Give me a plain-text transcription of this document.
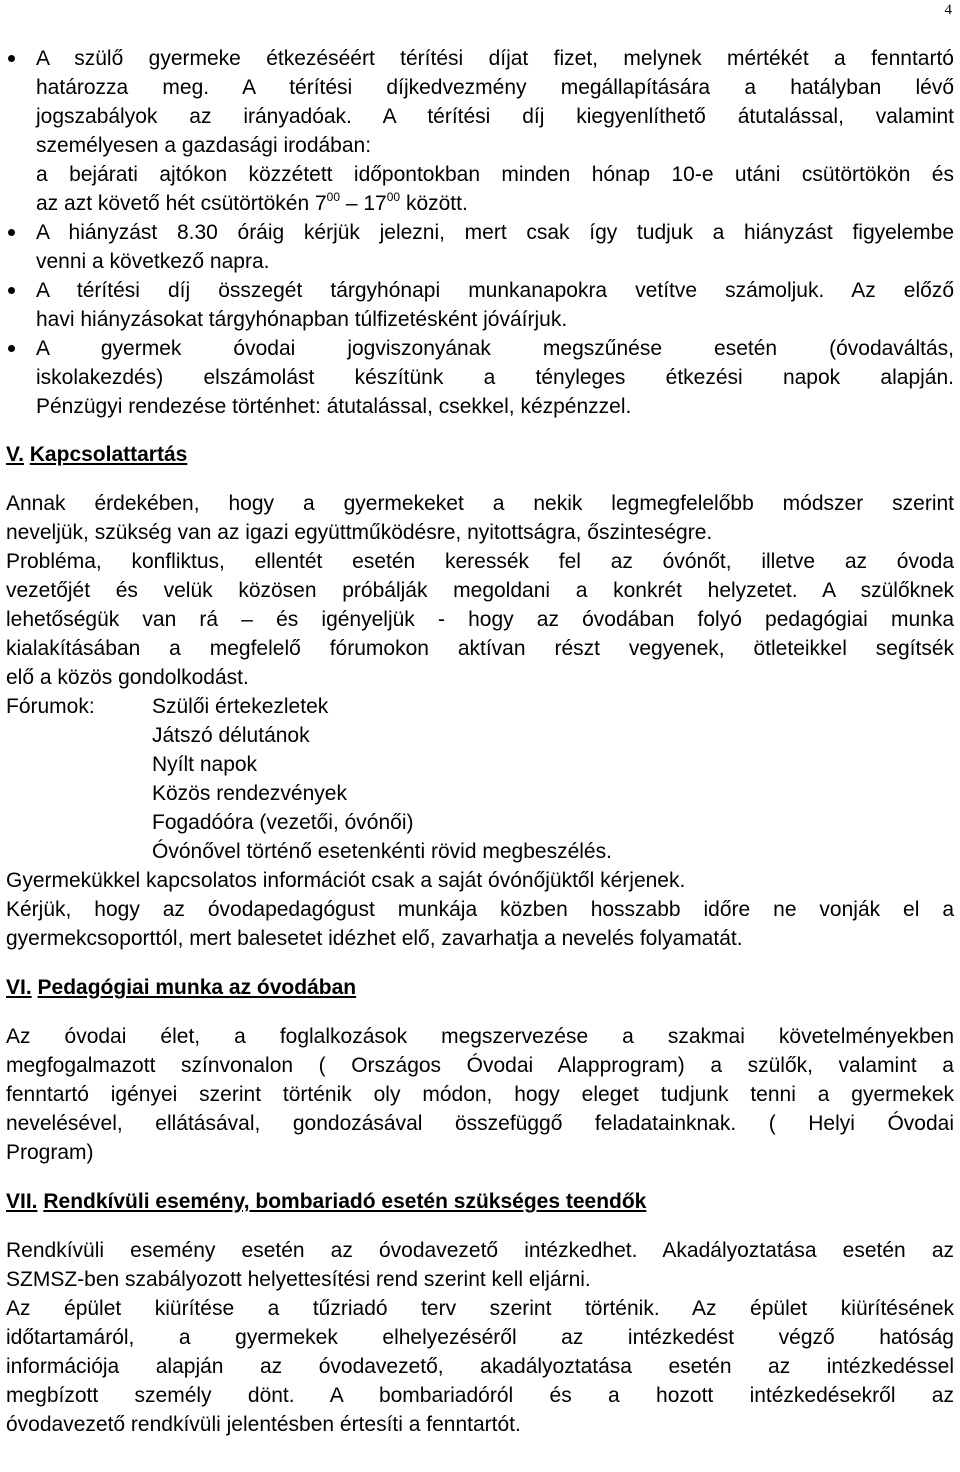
4
A szülő gyermeke étkezéséért térítési díjat fizet, melynek mértékét a fenntartó
határozza meg. A térítési díjkedvezmény megállapítására a hatályban lévő
jogszabályok az irányadóak. A térítési díj kiegyenlíthető átutalással, valamint
személyesen a gazdasági irodában:
a bejárati ajtókon közzétett időpontokban minden hónap 10-e utáni csütörtökön és
az azt követő hét csütörtökén $7^{00} - 17^{00}$ között.
A hiányzást 8.30 óráig kérjük jelezni, mert csak így tudjuk a hiányzást figyelembe
venni a következő napra.
A térítési díj összegét tárgyhónapi munkanapokra vetítve számoljuk. Az előző
havi hiányzásokat tárgyhónapban túlfizetésként jóváírjuk.
A gyermek óvodai jogviszonyának megszűnése esetén (óvodaváltás,
iskolakezdés) elszámolást készítünk a tényleges étkezési napok alapján.
Pénzügyi rendezése történhet: átutalással, csekkel, kézpénzzel.
V. Kapcsolattartás
Annak érdekében, hogy a gyermekeket a nekik legmegfelelőbb módszer szerint
neveljük, szükség van az igazi együttműködésre, nyitottságra, őszinteségre.
Probléma, konfliktus, ellentét esetén keressék fel az óvónőt, illetve az óvoda
vezetőjét és velük közösen próbálják megoldani a konkrét helyzetet. A szülőknek
lehetőségük van rá – és igényeljük - hogy az óvodában folyó pedagógiai munka
kialakításában a megfelelő fórumokon aktívan részt vegyenek, ötleteikkel segítsék
elő a közös gondolkodást.
Fórumok:	Szülői értekezletek
Játszó délutánok
Nyílt napok
Közös rendezvények
Fogadóóra (vezetői, óvónői)
Óvónővel történő esetenkénti rövid megbeszélés.
Gyermekükkel kapcsolatos információt csak a saját óvónőjüktől kérjenek.
Kérjük, hogy az óvodapedagógust munkája közben hosszabb időre ne vonják el a
gyermekcsoporttól, mert balesetet idézhet elő, zavarhatja a nevelés folyamatát.
VI. Pedagógiai munka az óvodában
Az óvodai élet, a foglalkozások megszervezése a szakmai követelményekben
megfogalmazott színvonalon ( Országos Óvodai Alapprogram) a szülők, valamint a
fenntartó igényei szerint történik oly módon, hogy eleget tudjunk tenni a gyermekek
nevelésével, ellátásával, gondozásával összefüggő feladatainknak. ( Helyi Óvodai
Program)
VII. Rendkívüli esemény, bombariadó esetén szükséges teendők
Rendkívüli esemény esetén az óvodavezető intézkedhet. Akadályoztatása esetén az
SZMSZ-ben szabályozott helyettesítési rend szerint kell eljárni.
Az épület kiürítése a tűzriadó terv szerint történik. Az épület kiürítésének
időtartamáról, a gyermekek elhelyezéséről az intézkedést végző hatóság
információja alapján az óvodavezető, akadályoztatása esetén az intézkedéssel
megbízott személy dönt. A bombariadóról és a hozott intézkedésekről az
óvodavezető rendkívüli jelentésben értesíti a fenntartót.
